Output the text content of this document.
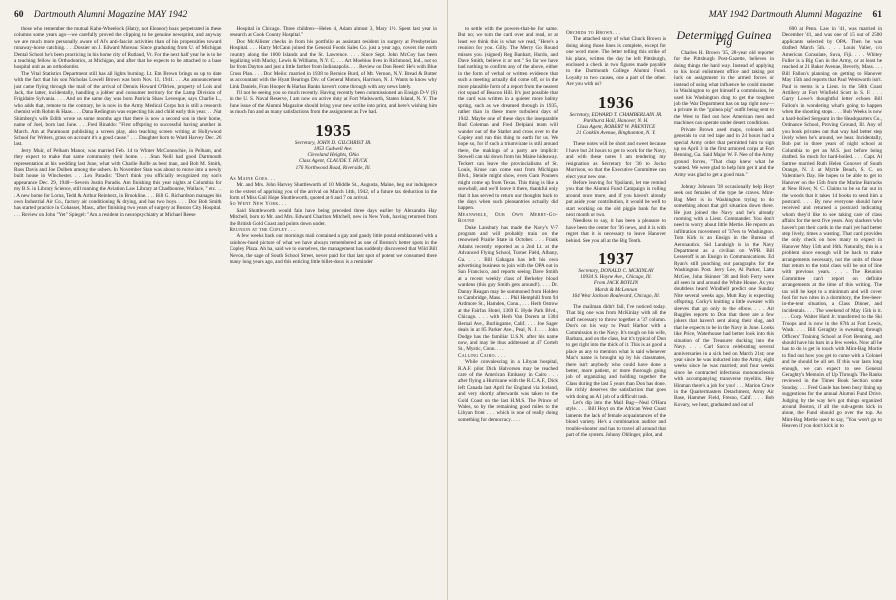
60 Dartmouth Alumni Magazine MAY 1942

those who remember the mutual Kahn-Wheelock (Hatry, not Eleanor) hoax perpetrated in these columns some years ago—we carefully proved the clipping to be genuine newsprint, and anyway we are much more personally aware of Al's anti-fascist activities than of his propensities toward runaway-horse catching. . . .Dossier on J. Edward Moreau: Since graduating from U. of Michigan Dental School he's been practicing in his home city of Rutland, Vt. For the next half year he is to be a teaching fellow in Orthodontics, at Michigan, and after that he expects to be attached to a base hospital unit as an orthodontist.

The Vital Statistics Department still has all lights burning. Lt. Em Brown brings us up to date with the fact that his son Nicholas Lowell Brown was born Nov. 11, 1941. . . .An announcement just came flying through the mail of the arrival of Dennis Howard O'Brien, property of Lois and Jack, the latter, incidentally, handling a jobber and consumer territory for the Lamp Division of Frigidaire Sylvania. . . . And on the same day was born Patricia Shaw Levesque, says Charlie L., who adds that, remote to the contrary, he is now in the Army Medical Corps but is still a research chemist with Rohm & Haas. . . . Dana Redington was expecting his and child early this year. . . .Nat Shimberg's wife Edith wrote us some months ago that there is now a second son in their home, name of Joel, born last June. . . .Fred Rinaldo: "First offspring to successful having another in March. Am at Paramount publishing a screen play, also teaching screen writing at Hollywood School for Writers, grass on account it's a good cause." . . . Daughter born to Ward Harvey Dec. 26 last.

Jerry Muir, of Pelham Manor, was married Feb. 14 to Winter McConnochie, in Pelham, and they expect to make that same community their home. . . .Stan Neill had good Dartmouth representation at his wedding last June, what with Charlie Rolfe as best man, and Bob M. Smith, Russ Davis and Joe Dolben among the ushers. In November Stan was about to move into a newly built house in Winchester. . . .Lex Paradis: "Don't think you officially recognized my son's appearance Dec. 29, 1940—Severn Justin Paradis. Am finishing this year nights at Columbia for my B.S. in Library Science, still running the Aviation Law Library at Chadbourne, Wallace, " etc. . . . A new home for Lorna, Tedd & Arthur Reinherz, in Brookline. . . . Bill G. Richardson manages his own Industrial Air Co., factory air conditioning & drying, and has two boys. . . . Doc Bob Smith has started practice in Cohasset, Mass., after finishing two years of surgery at Boston City Hospital. . . . Review on John "Yet" Spiegel: "Am a resident in neuropsychiatry at Michael Reese

Hospital in Chicago. Three children—Helen 4, Adam almost 3, Mary 1½. Spent last year in research at Cook County Hospital."

Doc McAllister checks in from his portfolio as assistant resident in surgery at Presbyterian Hospital. . . . Harry McCann joined the General Foods Sales Co. just a year ago, covers the north country along the 1000 Islands and the St. Lawrence. . . . Since Sept. John McCoy has been legalizing with Macky, Lewis & Williams, N.Y. C. . . . Art Moebius lives in Richmond, Ind., not so far from Dayton and just a little farther from Indianapolis. . . . Review on Don Reed: He's with Blue Cross Plan. . . . Doc Meilo: married in 1938 to Bernice Burd, of Mt. Vernon, N.Y. Bread & Butter as accountant with the Hyatt Bearings Div. of General Motors, Harrison, N. J. Wants to know why Link Daniels, Fran Hooper & Harlan Banks haven't come through with any news lately.

I'll not be seeing you so much recently. Having recently been commissioned an Ensign D-V (S) in the U. S. Naval Reserve, I am now on active duty at Fort Wadsworth, Staten Island, N. Y. The June issue of the Alumni Magazine should bring your new scribe into print, and here's wishing him as much fun and as many satisfactions from the assignment as I've had.

1935
Secretary, JOHN D. GILCHRIST JR.
1853 Cadwell Ave.
Cleveland Heights, Ohio
Class Agent, CLAUDE T. HUCK
176 Northwood Road, Riverside, Ill.

As Maine Goes. . .

Mr. and Mrs. John Harvey Shuttleworth of 10 Middle St., Augusta, Maine, beg our indulgence to the extent of apprising you of the arrival on March 14th, 1942, of a future tax deduction in the form of Miss Gail Hope Shuttleworth, quoted at 6 and 7 on arrival.

So Went New York. . .

Said Shuttleworth would fain have being preceded three days earlier by Alexandra Hay Mitchell, born to Mr. and Mrs. Edward Charlton Mitchell, new in New York, having returned from the British Gold Coast and points down under.

Reunion at the Copley. . .

A few weeks back our mornings mail contained a gay and gaudy little postal emblazoned with a rainbow-hued picture of what we have always remembered as one of Boston's better spots in the Copley Plaza. Ah ha, said we to ourselves, the management has suddenly discovered that Wild Bill Nevon, the sage of South School Street, never paid for that last spot of potent we consumed there many long years ago, and this enticing little billet-doux is a reminder

MAY 1942 Dartmouth Alumni Magazine 61

to settle with the powers-that-be for same. But no; we turn the card over and read, or at least we think this is what we read, "Here's a reunion for you. Gilly. The Merry Go Round misses you. (signed) Reg Banhart, Hurdo, and Dave Smith, believe it or not." So far we have had nothing to confirm any of the above, either in the form of verbal or written evidence that such a meeting actually did come off, or in the more plausible form of a report from the nearest riot squad of Beacon Hill. It's just possible that the card was written in a quieter more balmy spring, such as we dreamed through in 1935, rather than in these more turbulent days of 1942. Maybe one of these days the inseparable Bud Coleman and Fred Delpiani team will wander out of the Statler and cross over to the Copley and run this thing to earth for us. We hope so, for if such a triumvirate is still around there, the makings of a party are implicit: Stowell can ski down from his Maine hideaway. Teckert can leave the provincialisms of St. Louis, Kruse can come east from Michigan Blvd., Steinle might show, even Gam Pouners might come up from Texas. This thing is like a snowball, and we'll leave it there, thankful only that it has served to return our thoughts back to the days when such pleasantries actually did happen.

Meanwhile, Our Own Merry-Go-Round

Duke Lansbury has made the Navy's V-7 program and will probably train on the renowned Prairie State in October. . . . Frank Adams recently reported as a 2nd Lt. at the Advanced Flying School, Turner Field, Albany, Ga. . . . Bill Gahagan has left his own advertising business to join with the OPA out in San Francisco, and reports seeing Dave Smith at a recent weekly class of Berkeley blood wardens (this guy Smith gets around!). . . . Dr. Danny Reagan may be summoned from Holden to Cambridge, Mass. . . . Phil Hemphill from 94 Ardmore St., Hamden, Conn., . . . Herb Ostrow at the Fairfax Hotel, 1369 E. Hyde Park Blvd., Chicago. . . . with Herb Van Dorem at 1304 Bernal Ave., Burlingame, Calif. . . . Joe Sager deals in at 85 Parker Ave., Peal, N. J. . . . John Dodge has the familiar U.S.N. after his name now, and may be thus addressed at 47 Cortelt St., Mystic, Conn. . . .

Calling Cairo. . . .

While convalescing in a Libyan hospital, R.A.F. pilot Dick Halvorsen may be reached care of the American Embassy in Cairo . . . after flying a Hurricane with the R.C.A.F., Dick left Canada last April for England via Iceland, and very shortly afterwards was taken to the Gold Coast on the last H.M.S. The Prince of Wales, so by the remaining good miles to the Libyan front . . . which is one of really doing something for democracy. . . .

Orchids to Brown. . .

The attached story of what Chuck Brown is doing along those lines is complete, except for one word more. The letter telling this strike of his plans, written the day he left Pittsburgh, enclosed a check in two figures made payable to the Dartmouth College Alumni Fund. Loyalty to two causes, one a part of the other. Are you with us?

1936
Secretary, EDWARD T. CHAMBERLAIN JR.
Parkhurst Hall, Hanover, N. H.
Class Agent, ROBERT W. PRENTICE
21 Conklin Avenue, Binghamton, N. Y.

These notes will be short and sweet because I have but 24 hours to get to work for the Navy, and with these notes I am tendering my resignation as Secretary for '36 to Jocko Morrison, so that the Executive Committee can elect your new one.

Before leaving for Ypsilanti, let me remind you that the Alumni Fund Campaign is rolling around once more, and if you haven't already put aside your contribution, it would be well to start working on the old piggie bank for the next month or two.

Needless to say, it has been a pleasure to have been the center for '36 news, and it is with regret that it is necessary to leave Hanover behind. See you all at the Big Tenth.

1937
Secretary, DONALD C. MCKINLAY
10934 S. Hoyne Ave., Chicago, Ill.
From JACK BOYLIN
Marsh & McLennan
164 West Jackson Boulevard, Chicago, Ill.

The mailman didn't fail, I've noticed today. That big one was from McKinlay with all the stuff necessary to throw together a '37 column. Don's on his way to Pearl Harbor with a Commission in the Navy. It's tough on his wife, Barbara, and on the class, but it's typical of Don to get right into the thick of it. This is as good a place as any to mention what is said whenever Mac's name is brought up by his classmates, there isn't anybody who could have done a better, more patient, or more thorough going job of organizing and holding together the Class during the last 5 years than Don has done. He richly deserves the satisfaction that goes with doing an A1 job of a difficult task.

Let's dip into the Mail Bag—Neal O'Hara style. . . . Bill Hoyt on the African West Coast laments the lack of female acquaintances of the blond variety. He's a combination auditor and trouble-shooter and has to travel all around that part of the system. Johnny Ohlinger, pilot, and

Determined Guinea Pig

Charles H. Brown '35, 28-year old reporter for the Pittsburgh Post-Gazette, believes in doing things the hard way. Instead of applying to his local enlistment office and taking pot luck on assignment in the armed forces or instead of using what influence he could muster in Washington to get himself a commission, he used his Washington drag to get the toughest job the War Department has on tap right now—a private in the "guinea pig" outfit being sent to the West to find out how American men and machines can operate under desert conditions.

Private Brown used maps, colonels and generals to cut red tape and in 24 hours had a special Army order that permitted him to sign up on April 3 in the first armored corps at Fort Benning, Ga. Said Major W. F. Nee of the Army ground forces, "That chap knew what he wanted. We were glad to help him get it and the Army was glad to get a good man."

Johnny Johnson '38 occasionally help Hoyt seek out females of the type he craves. Mint-Bag Mert is in Washington trying to do something about that girl situation down there. He just joined the Navy and he's already rooming with a Lieut. Commander. You don't need to worry about little Mertie. He reports an infiltration movement of '37ers to Washington. Tom Kirk is an Ensign in the Bureau of Aeronautics. Sid Landsigh is in the Navy Department as a civilian on WPB. Bill Lesseroff is an Ensign in Communications. Ed Ryan's still punching out paragraphs for the Washington Post. Jerry Lee, Al Parker, Latta McGee, John Skinner '38 and Bob Ferry were all seen in and around the White House. As you doubtless heard Windhell predict one Sunday Nite several weeks ago, Mutt Ray is expecting offspring. Corky's knitting a little sweater with sleeves that go only to the elbow. . . . Art Ruggles reports to Don that there are a few jokers that haven't sent along their slug, and that he expects to be in the Navy in June. Looks like Price, Waterhouse had better look into this situation of the Treasurer ducking into the Navy. . . . Carl Sacco celebrating several anniversaries in a sick bed on March 21st; one year since he was inducted into the Army, eight weeks since he was married; and four weeks since he contracted infectious mononucleosis with accompanying transverse myelitis. Hey Hinman there's a job for you! . . . Marion Cruce in the Quartermasters Detachment, Army Air Base, Hammer Field, Fresno, Calif. . . . Bob Kovary, we hear, graduated and out of

600 at Penn. Law in '41, was married in December '41, and was one of 15 out of 2500 applicants selected by OPA. Then he was drafted March 5th. . . . Louis Valier, c/o American Consulate, Suva, Fiji. . . . Whitey Fuller is a Big Gun in the Army, or at least he reached at 21 Baker Avenue, Beverly, Mass. . . . Bill Fallon's planning on getting to Hanover May 15th and reports that Paul Wentworth isn't. Paul is teems is a Lieut. in the 56th Coast Artillery at Fort Winfield Scott in S. F. . . . Garry Lowe's thoughtful letter echoes Bill Fallon's in wondering what's going to happen when the shooting stops. . . . Bob Weeks is now a hard-boiled Sergeant in the Headquarters Co., Ordnance School, Proving Ground, Ill. Any of you book privates out that way had better step lively when he's around, we hear. Incidentally, Bob put in three years of night school at Columbia to get an M.S. just before being drafted. So much for hard-boiled. . . . Capt. Al Sattree married Ruth Helen Conover of South Orange, N. J. at Myrtle Beach, S. C. on Valentine's Day. He hopes to be able to get to Hanover on the 15th from the Marine Barracks at New River, N. C. Claims to be so far out in the woods that it takes 14 books to send him a postcard. . . . By now everyone should have received and returned a postcard indicating whom they'd like to see taking care of class affairs for the next five years. Any slackers who haven't put their cards in the mail yet had better step lively, times a wasting. That card provides the only check on how many to expect in Hanover May 15th and 16th. Naturally, this is a problem since enough will be back to make arrangements necessary, not the units of those that return to the total class will be out of line with previous years. . . . The Reunion Committee can't report on definite arrangements at the time of this writing. The tax will be kept to a minimum and will cover fool for two nites in a dormitory, the free-beer-in-the-tent situation, a Class Dinner, and incidentals. . . . The weekend of May 15th is it. . . . Corp. Walter Hard Jr. transferred to the Ski Troops and is now in the 87th at Fort Lewis, Wash. . . . Bill Geraghty is sweating through Officers' Training School at Fort Benning, and should have his bars in a few weeks. Now all he has to do is get in touch with Mint-Bag Mortie to find out how you get to come with a Colonel and he should be all set. If this war lasts long enough, we can expect to see General Geraghty's Memoirs of Up Through. The Ranks reviewed in the Times Book Section some Sunday. . . . Fred Gaule has been busy lining up suggestions for the annual Alumni Fund Drive. Judging by the way he's got things organized around Boston, if all the sub-agents kick in alone, the Fund should go over the top. As Mint-Bag Mertie used to say, "You won't go to Heaven if you don't kick in to
